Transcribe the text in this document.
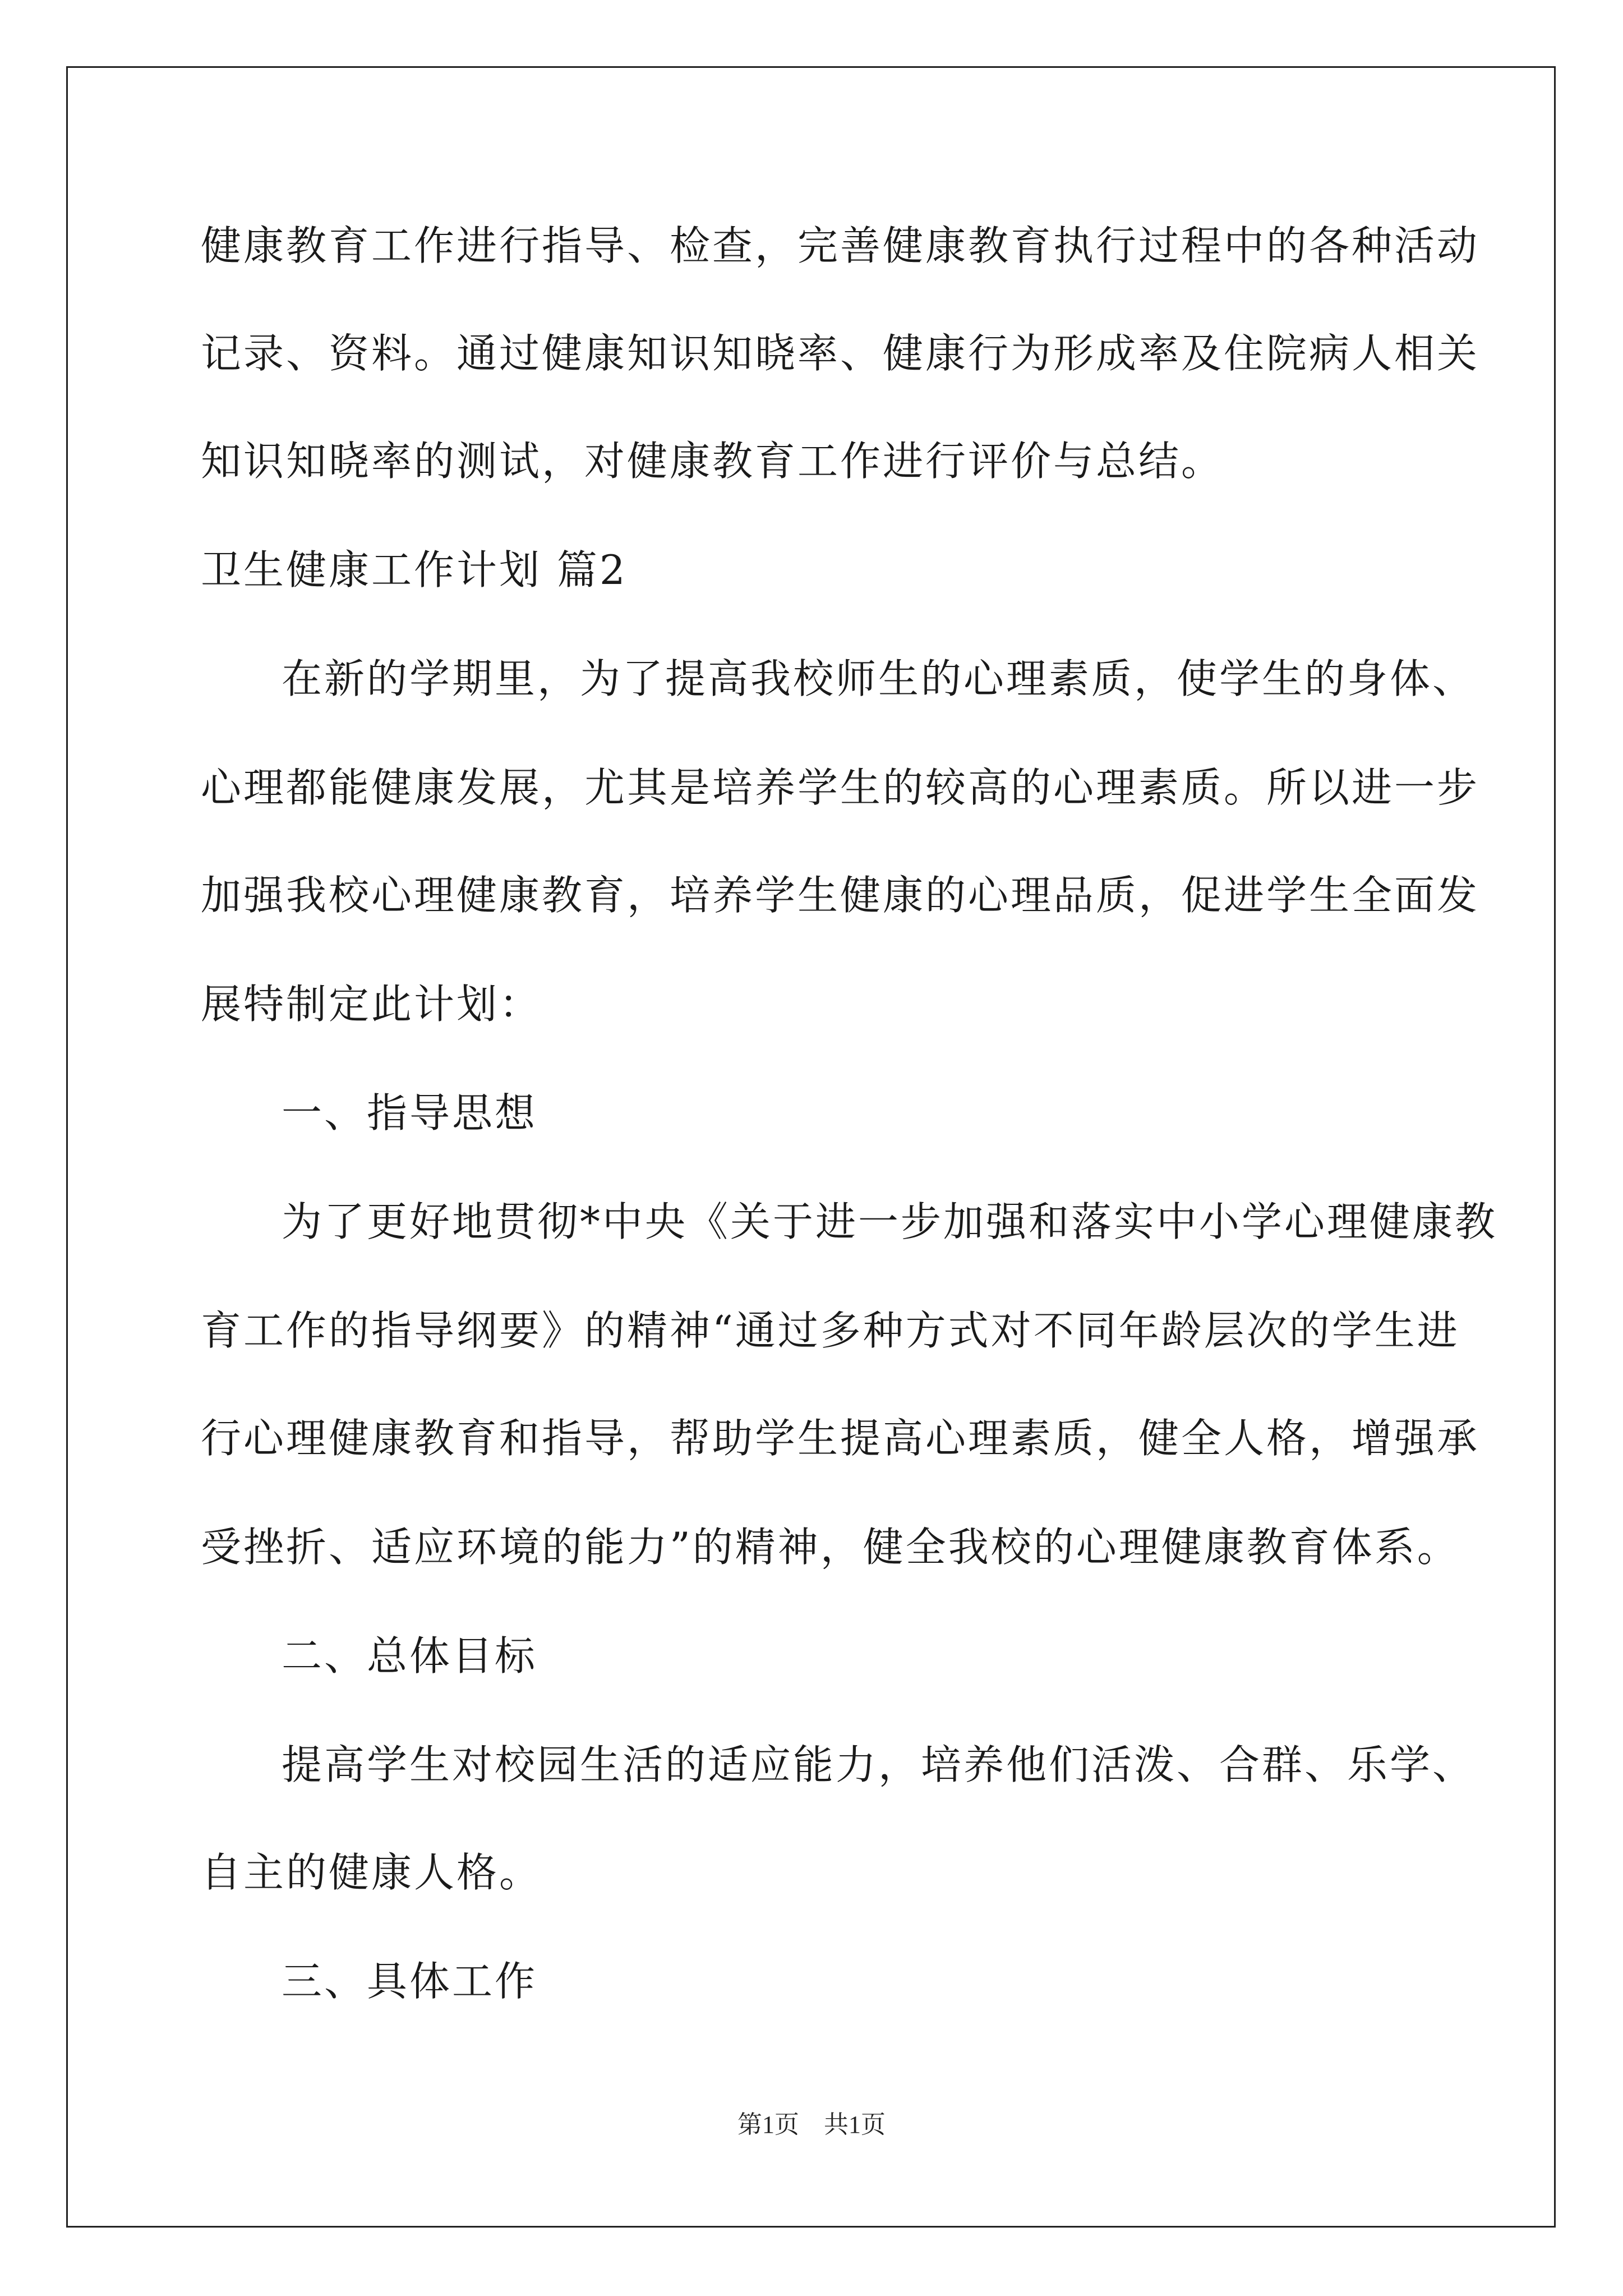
健康教育工作进行指导、检查，完善健康教育执行过程中的各种活动
记录、资料。通过健康知识知晓率、健康行为形成率及住院病人相关
知识知晓率的测试，对健康教育工作进行评价与总结。
卫生健康工作计划 篇2
在新的学期里，为了提高我校师生的心理素质，使学生的身体、
心理都能健康发展，尤其是培养学生的较高的心理素质。所以进一步
加强我校心理健康教育，培养学生健康的心理品质，促进学生全面发
展特制定此计划：
一、指导思想
为了更好地贯彻*中央《关于进一步加强和落实中小学心理健康教
育工作的指导纲要》的精神“通过多种方式对不同年龄层次的学生进
行心理健康教育和指导，帮助学生提高心理素质，健全人格，增强承
受挫折、适应环境的能力”的精神，健全我校的心理健康教育体系。
二、总体目标
提高学生对校园生活的适应能力，培养他们活泼、合群、乐学、
自主的健康人格。
三、具体工作
第1页　共1页
